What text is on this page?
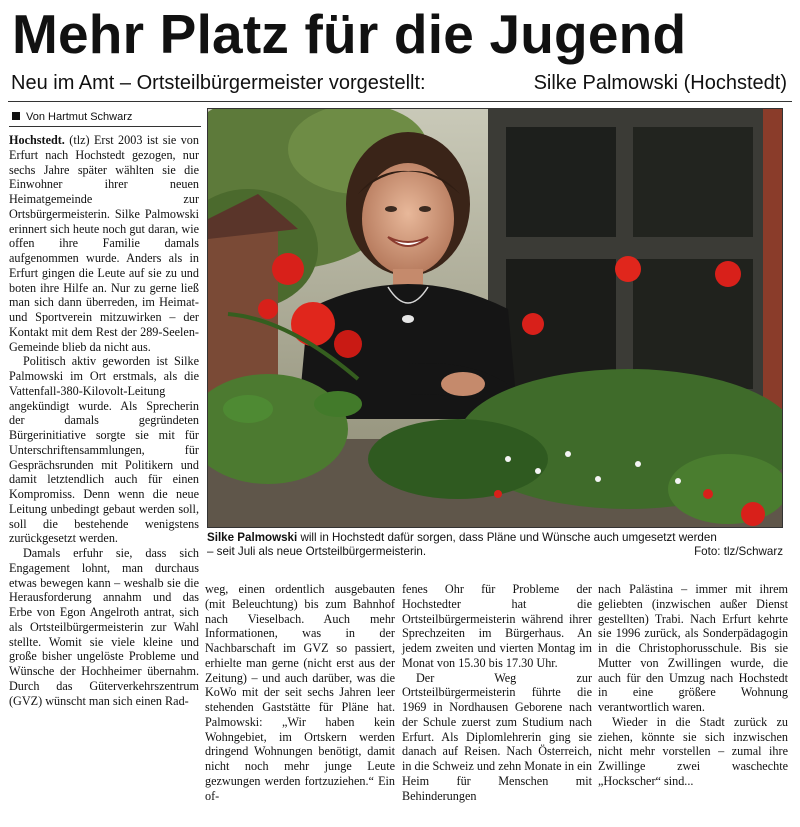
Mehr Platz für die Jugend
Neu im Amt – Ortsteilbürgermeister vorgestellt:	Silke Palmowski (Hochstedt)
Von Hartmut Schwarz

Hochstedt. (tlz) Erst 2003 ist sie von Erfurt nach Hochstedt gezogen, nur sechs Jahre später wählten sie die Einwohner ihrer neuen Heimatgemeinde zur Ortsbürgermeisterin. Silke Palmowski erinnert sich heute noch gut daran, wie offen ihre Familie damals aufgenommen wurde. Anders als in Erfurt gingen die Leute auf sie zu und boten ihre Hilfe an. Nur zu gerne ließ man sich dann überreden, im Heimat- und Sportverein mitzuwirken – der Kontakt mit dem Rest der 289-Seelen-Gemeinde blieb da nicht aus.

Politisch aktiv geworden ist Silke Palmowski im Ort erstmals, als die Vattenfall-380-Kilovolt-Leitung angekündigt wurde. Als Sprecherin der damals gegründeten Bürgerinitiative sorgte sie mit für Unterschriftensammlungen, für Gesprächsrunden mit Politikern und damit letztendlich auch für einen Kompromiss. Denn wenn die neue Leitung unbedingt gebaut werden soll, soll die bestehende wenigstens zurückgesetzt werden.

Damals erfuhr sie, dass sich Engagement lohnt, man durchaus etwas bewegen kann – weshalb sie die Herausforderung annahm und das Erbe von Egon Angelroth antrat, sich als Ortsteilbürgermeisterin zur Wahl stellte. Womit sie viele kleine und große bisher ungelöste Probleme und Wünsche der Hochheimer übernahm. Durch das Güterverkehrszentrum (GVZ) wünscht man sich einen Rad-

Silke Palmowski will in Hochstedt dafür sorgen, dass Pläne und Wünsche auch umgesetzt werden
– seit Juli als neue Ortsteilbürgermeisterin.	Foto: tlz/Schwarz

weg, einen ordentlich ausgebauten (mit Beleuchtung) bis zum Bahnhof nach Vieselbach. Auch mehr Informationen, was in der Nachbarschaft im GVZ so passiert, erhielte man gerne (nicht erst aus der Zeitung) – und auch darüber, was die KoWo mit der seit sechs Jahren leer stehenden Gaststätte für Pläne hat. Palmowski: „Wir haben kein Wohngebiet, im Ortskern werden dringend Wohnungen benötigt, damit nicht noch mehr junge Leute gezwungen werden fortzuziehen.“ Ein of-

fenes Ohr für Probleme der Hochstedter hat die Ortsteilbürgermeisterin während ihrer Sprechzeiten im Bürgerhaus. An jedem zweiten und vierten Montag im Monat von 15.30 bis 17.30 Uhr.

Der Weg zur Ortsteilbürgermeisterin führte die 1969 in Nordhausen Geborene nach der Schule zuerst zum Studium nach Erfurt. Als Diplomlehrerin ging sie danach auf Reisen. Nach Österreich, in die Schweiz und zehn Monate in ein Heim für Menschen mit Behinderungen

nach Palästina – immer mit ihrem geliebten (inzwischen außer Dienst gestellten) Trabi. Nach Erfurt kehrte sie 1996 zurück, als Sonderpädagogin in die Christophorusschule. Bis sie Mutter von Zwillingen wurde, die auch für den Umzug nach Hochstedt in eine größere Wohnung verantwortlich waren.

Wieder in die Stadt zurück zu ziehen, könnte sie sich inzwischen nicht mehr vorstellen – zumal ihre Zwillinge zwei waschechte „Hockscher“ sind...
